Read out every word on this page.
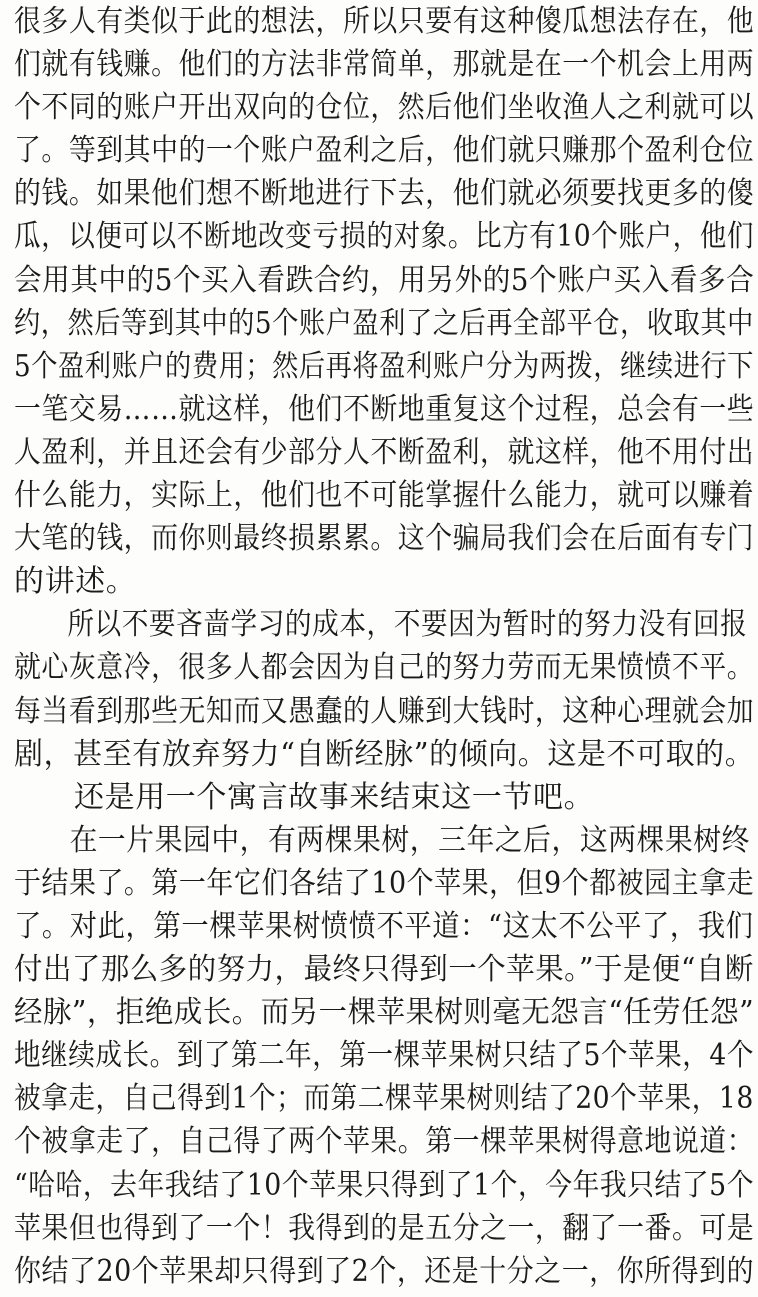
很多人有类似于此的想法，所以只要有这种傻瓜想法存在，他
们就有钱赚。他们的方法非常简单，那就是在一个机会上用两
个不同的账户开出双向的仓位，然后他们坐收渔人之利就可以
了。等到其中的一个账户盈利之后，他们就只赚那个盈利仓位
的钱。如果他们想不断地进行下去，他们就必须要找更多的傻
瓜，以便可以不断地改变亏损的对象。比方有10个账户，他们
会用其中的5个买入看跌合约，用另外的5个账户买入看多合
约，然后等到其中的5个账户盈利了之后再全部平仓，收取其中
5个盈利账户的费用；然后再将盈利账户分为两拨，继续进行下
一笔交易……就这样，他们不断地重复这个过程，总会有一些
人盈利，并且还会有少部分人不断盈利，就这样，他不用付出
什么能力，实际上，他们也不可能掌握什么能力，就可以赚着
大笔的钱，而你则最终损累累。这个骗局我们会在后面有专门
的讲述。
所以不要吝啬学习的成本，不要因为暂时的努力没有回报
就心灰意冷，很多人都会因为自己的努力劳而无果愤愤不平。
每当看到那些无知而又愚蠢的人赚到大钱时，这种心理就会加
剧，甚至有放弃努力“自断经脉”的倾向。这是不可取的。
还是用一个寓言故事来结束这一节吧。
在一片果园中，有两棵果树，三年之后，这两棵果树终
于结果了。第一年它们各结了10个苹果，但9个都被园主拿走
了。对此，第一棵苹果树愤愤不平道：“这太不公平了，我们
付出了那么多的努力，最终只得到一个苹果。”于是便“自断
经脉”，拒绝成长。而另一棵苹果树则毫无怨言“任劳任怨”
地继续成长。到了第二年，第一棵苹果树只结了5个苹果，4个
被拿走，自己得到1个；而第二棵苹果树则结了20个苹果，18
个被拿走了，自己得了两个苹果。第一棵苹果树得意地说道：
“哈哈，去年我结了10个苹果只得到了1个，今年我只结了5个
苹果但也得到了一个！我得到的是五分之一，翻了一番。可是
你结了20个苹果却只得到了2个，还是十分之一，你所得到的
